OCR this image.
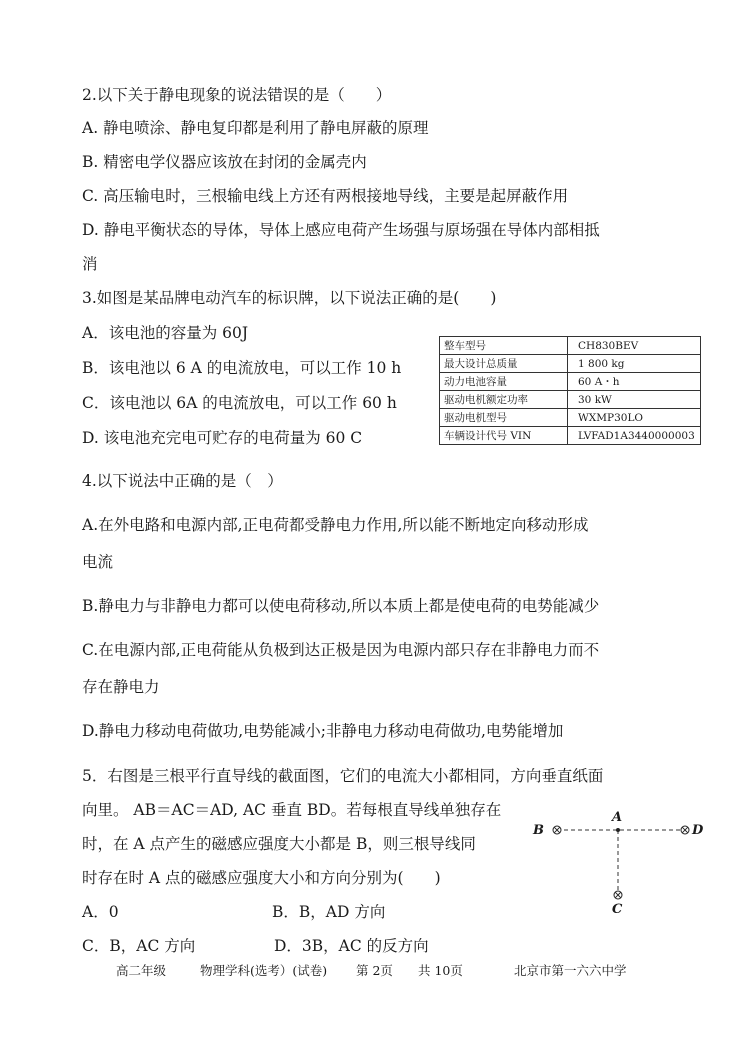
2.以下关于静电现象的说法错误的是（　　）
A. 静电喷涂、静电复印都是利用了静电屏蔽的原理
B. 精密电学仪器应该放在封闭的金属壳内
C. 高压输电时，三根输电线上方还有两根接地导线，主要是起屏蔽作用
D. 静电平衡状态的导体，导体上感应电荷产生场强与原场强在导体内部相抵
消
3.如图是某品牌电动汽车的标识牌，以下说法正确的是(　　)
A．该电池的容量为 60J
B．该电池以 6 A 的电流放电，可以工作 10 h
C．该电池以 6A 的电流放电，可以工作 60 h
D. 该电池充完电可贮存的电荷量为 60 C
整车型号	CH830BEV
最大设计总质量	1 800 kg
动力电池容量	60 A・h
驱动电机额定功率	30 kW
驱动电机型号	WXMP30LO
车辆设计代号 VIN	LVFAD1A3440000003
4.以下说法中正确的是（　）
A.在外电路和电源内部,正电荷都受静电力作用,所以能不断地定向移动形成
电流
B.静电力与非静电力都可以使电荷移动,所以本质上都是使电荷的电势能减少
C.在电源内部,正电荷能从负极到达正极是因为电源内部只存在非静电力而不
存在静电力
D.静电力移动电荷做功,电势能减小;非静电力移动电荷做功,电势能增加
5．右图是三根平行直导线的截面图，它们的电流大小都相同，方向垂直纸面
向里。 AB＝AC＝AD, AC 垂直 BD。若每根直导线单独存在
时，在 A 点产生的磁感应强度大小都是 B，则三根导线同
时存在时 A 点的磁感应强度大小和方向分别为(　　)
A．0	B．B，AD 方向
C．B，AC 方向	D．3B，AC 的反方向
A
B	D
C
高二年级	物理学科(选考）(试卷) 第 2页 共 10页	北京市第一六六中学
